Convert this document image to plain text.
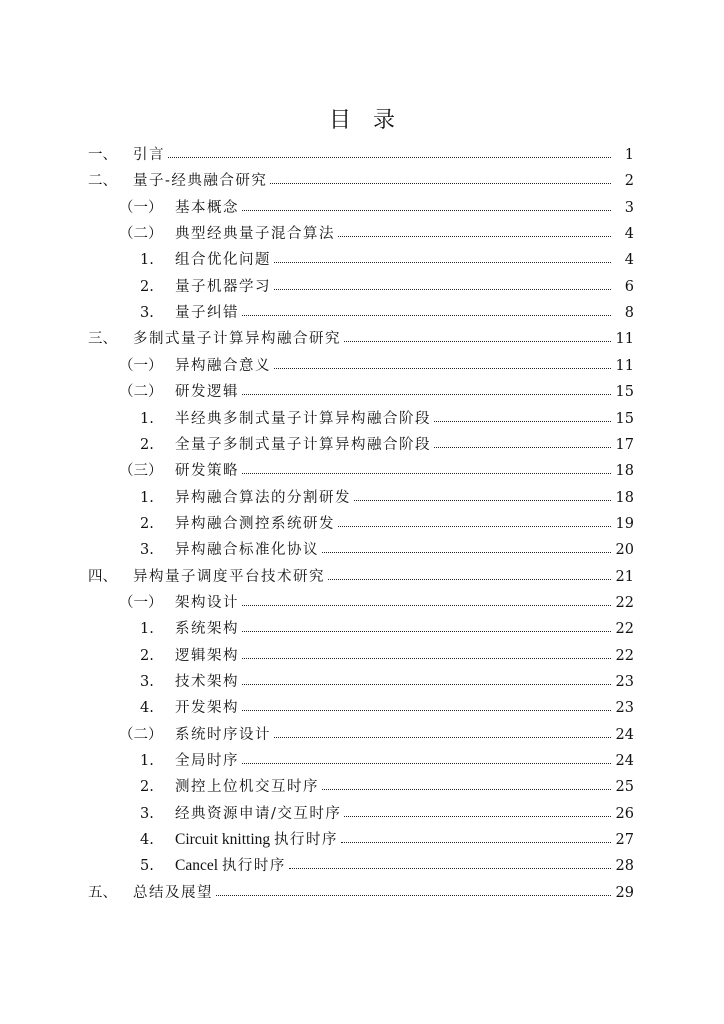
目录
一、 引言	1
二、 量子-经典融合研究	2
（一） 基本概念	3
（二） 典型经典量子混合算法	4
1. 组合优化问题	4
2. 量子机器学习	6
3. 量子纠错	8
三、 多制式量子计算异构融合研究	11
（一） 异构融合意义	11
（二） 研发逻辑	15
1. 半经典多制式量子计算异构融合阶段	15
2. 全量子多制式量子计算异构融合阶段	17
（三） 研发策略	18
1. 异构融合算法的分割研发	18
2. 异构融合测控系统研发	19
3. 异构融合标准化协议	20
四、 异构量子调度平台技术研究	21
（一） 架构设计	22
1. 系统架构	22
2. 逻辑架构	22
3. 技术架构	23
4. 开发架构	23
（二） 系统时序设计	24
1. 全局时序	24
2. 测控上位机交互时序	25
3. 经典资源申请/交互时序	26
4. Circuit knitting 执行时序	27
5. Cancel 执行时序	28
五、 总结及展望	29
